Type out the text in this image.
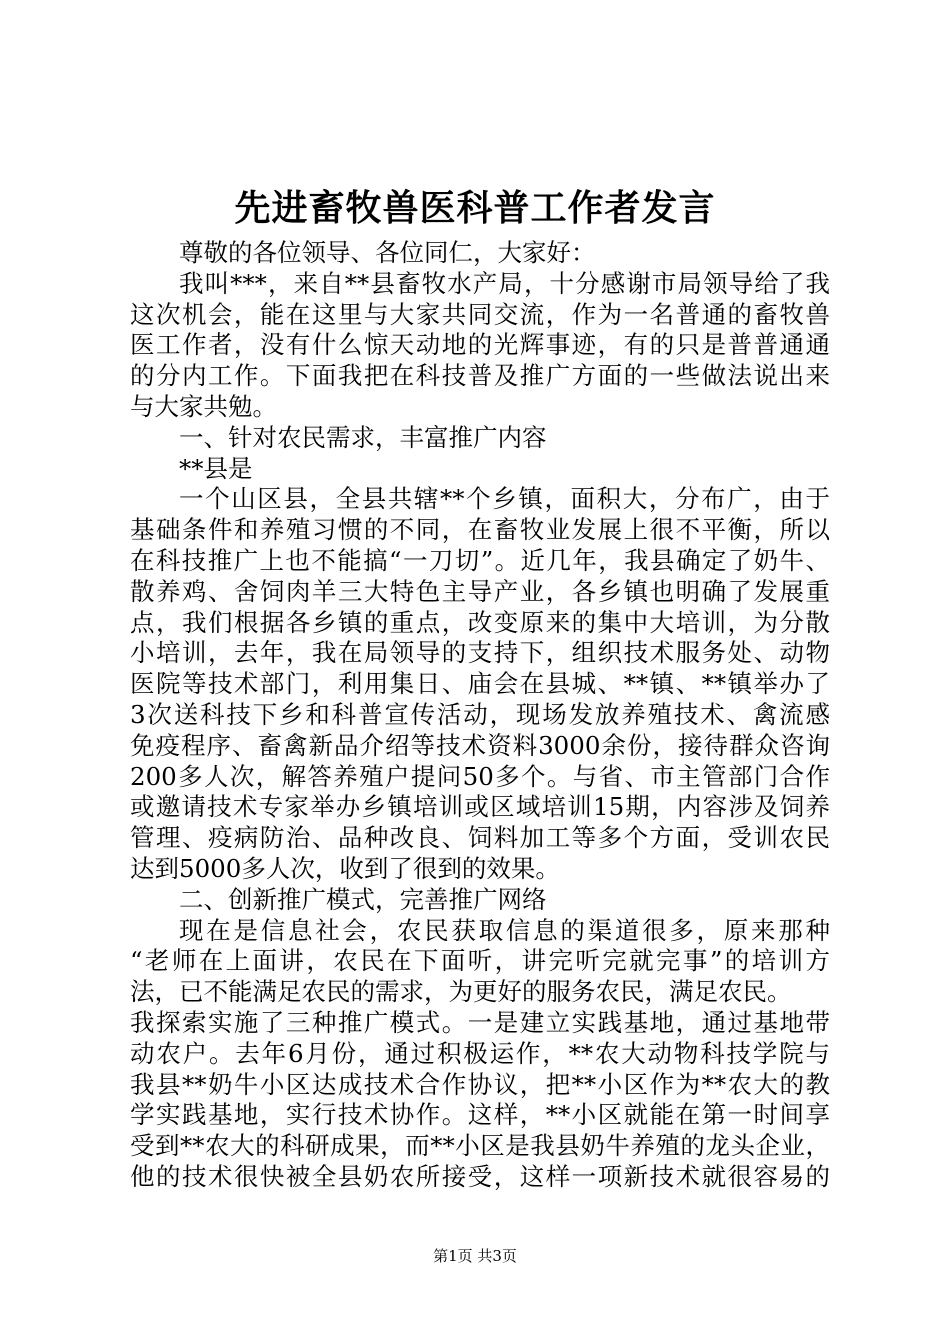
先进畜牧兽医科普工作者发言
尊敬的各位领导、各位同仁，大家好：
我叫***，来自**县畜牧水产局，十分感谢市局领导给了我
这次机会，能在这里与大家共同交流，作为一名普通的畜牧兽
医工作者，没有什么惊天动地的光辉事迹，有的只是普普通通
的分内工作。下面我把在科技普及推广方面的一些做法说出来
与大家共勉。
一、针对农民需求，丰富推广内容
**县是
一个山区县，全县共辖**个乡镇，面积大，分布广，由于
基础条件和养殖习惯的不同，在畜牧业发展上很不平衡，所以
在科技推广上也不能搞“一刀切”。近几年，我县确定了奶牛、
散养鸡、舍饲肉羊三大特色主导产业，各乡镇也明确了发展重
点，我们根据各乡镇的重点，改变原来的集中大培训，为分散
小培训，去年，我在局领导的支持下，组织技术服务处、动物
医院等技术部门，利用集日、庙会在县城、**镇、**镇举办了
3次送科技下乡和科普宣传活动，现场发放养殖技术、禽流感
免疫程序、畜禽新品介绍等技术资料3000余份，接待群众咨询
200多人次，解答养殖户提问50多个。与省、市主管部门合作
或邀请技术专家举办乡镇培训或区域培训15期，内容涉及饲养
管理、疫病防治、品种改良、饲料加工等多个方面，受训农民
达到5000多人次，收到了很到的效果。
二、创新推广模式，完善推广网络
现在是信息社会，农民获取信息的渠道很多，原来那种
“老师在上面讲，农民在下面听，讲完听完就完事”的培训方
法，已不能满足农民的需求，为更好的服务农民，满足农民。
我探索实施了三种推广模式。一是建立实践基地，通过基地带
动农户。去年6月份，通过积极运作，**农大动物科技学院与
我县**奶牛小区达成技术合作协议，把**小区作为**农大的教
学实践基地，实行技术协作。这样，**小区就能在第一时间享
受到**农大的科研成果，而**小区是我县奶牛养殖的龙头企业，
他的技术很快被全县奶农所接受，这样一项新技术就很容易的
第1页 共3页
